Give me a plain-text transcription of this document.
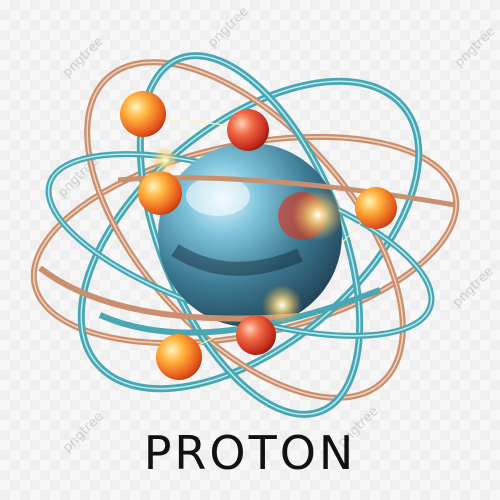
pngtree
pngtree	pngtree
pngtree
pngtree
pngtree	pngtree
PROTON
